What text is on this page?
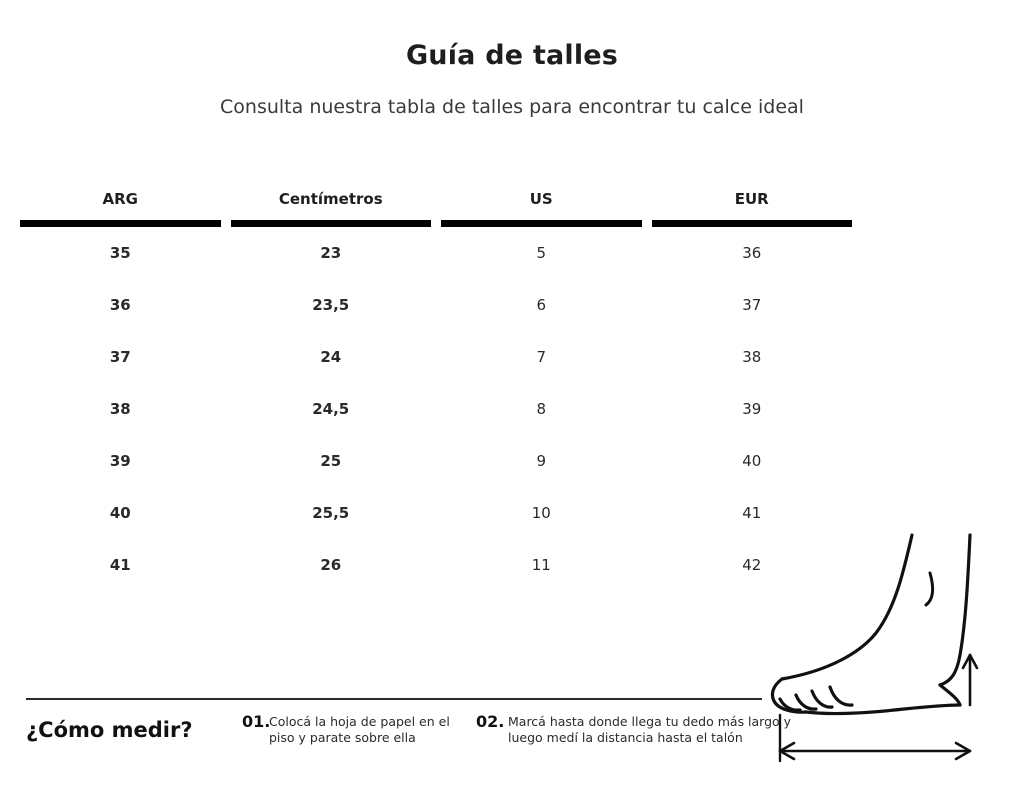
Guía de talles
Consulta nuestra tabla de talles para encontrar tu calce ideal
ARG		Centímetros		US		EUR
35		23		5		36
36		23,5		6		37
37		24		7		38
38		24,5		8		39
39		25		9		40
40		25,5		10		41
41		26		11		42
¿Cómo medir?	01.
Colocá la hoja de papel en el piso y parate sobre ella
02. Marcá hasta donde llega tu dedo más largo y luego medí la distancia hasta el talón
